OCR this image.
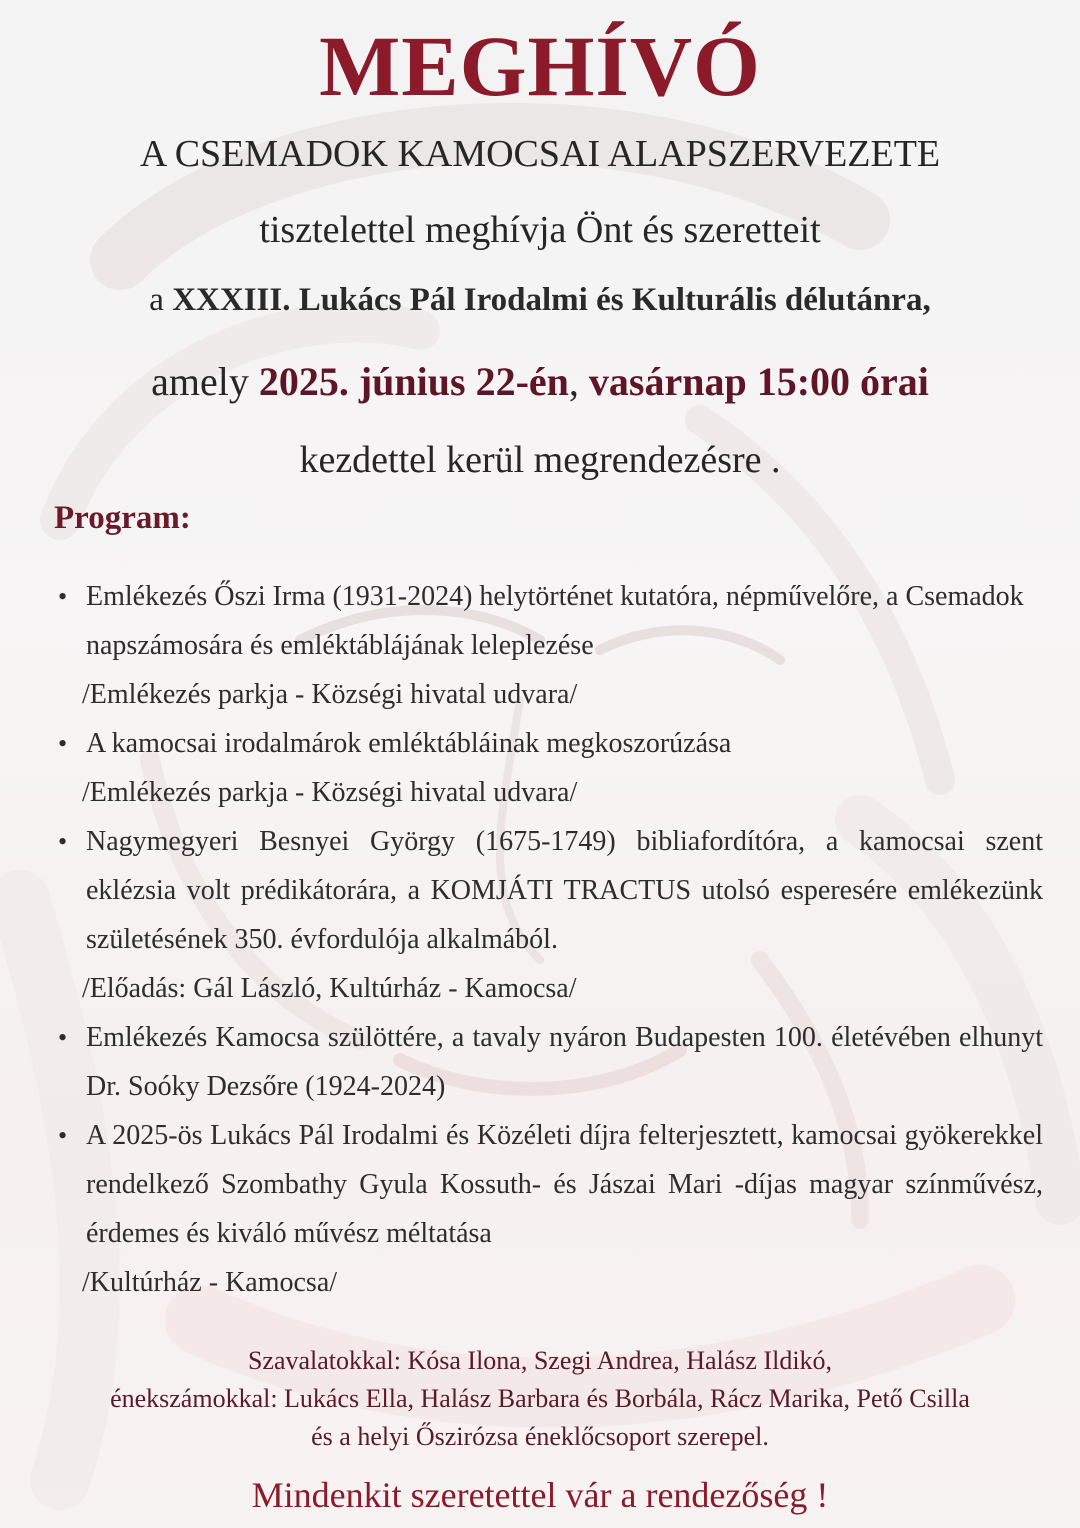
MEGHÍVÓ
A CSEMADOK KAMOCSAI ALAPSZERVEZETE
tisztelettel meghívja Önt és szeretteit
a XXXIII. Lukács Pál Irodalmi és Kulturális délutánra,
amely 2025. június 22-én, vasárnap 15:00 órai
kezdettel kerül megrendezésre .
Program:
• Emlékezés Őszi Irma (1931-2024) helytörténet kutatóra, népművelőre, a Csemadok napszámosára és emléktáblájának leleplezése
/Emlékezés parkja - Községi hivatal udvara/
• A kamocsai irodalmárok emléktábláinak megkoszorúzása
/Emlékezés parkja - Községi hivatal udvara/
• Nagymegyeri Besnyei György (1675-1749) bibliafordítóra, a kamocsai szent eklézsia volt prédikátorára, a KOMJÁTI TRACTUS utolsó esperesére emlékezünk születésének 350. évfordulója alkalmából.
/Előadás: Gál László, Kultúrház - Kamocsa/
• Emlékezés Kamocsa szülöttére, a tavaly nyáron Budapesten 100. életévében elhunyt Dr. Soóky Dezsőre (1924-2024)
• A 2025-ös Lukács Pál Irodalmi és Közéleti díjra felterjesztett, kamocsai gyökerekkel rendelkező Szombathy Gyula Kossuth- és Jászai Mari -díjas magyar színművész, érdemes és kiváló művész méltatása
/Kultúrház - Kamocsa/
Szavalatokkal: Kósa Ilona, Szegi Andrea, Halász Ildikó,
énekszámokkal: Lukács Ella, Halász Barbara és Borbála, Rácz Marika, Pető Csilla
és a helyi Őszirózsa éneklőcsoport szerepel.
Mindenkit szeretettel vár a rendezőség !
